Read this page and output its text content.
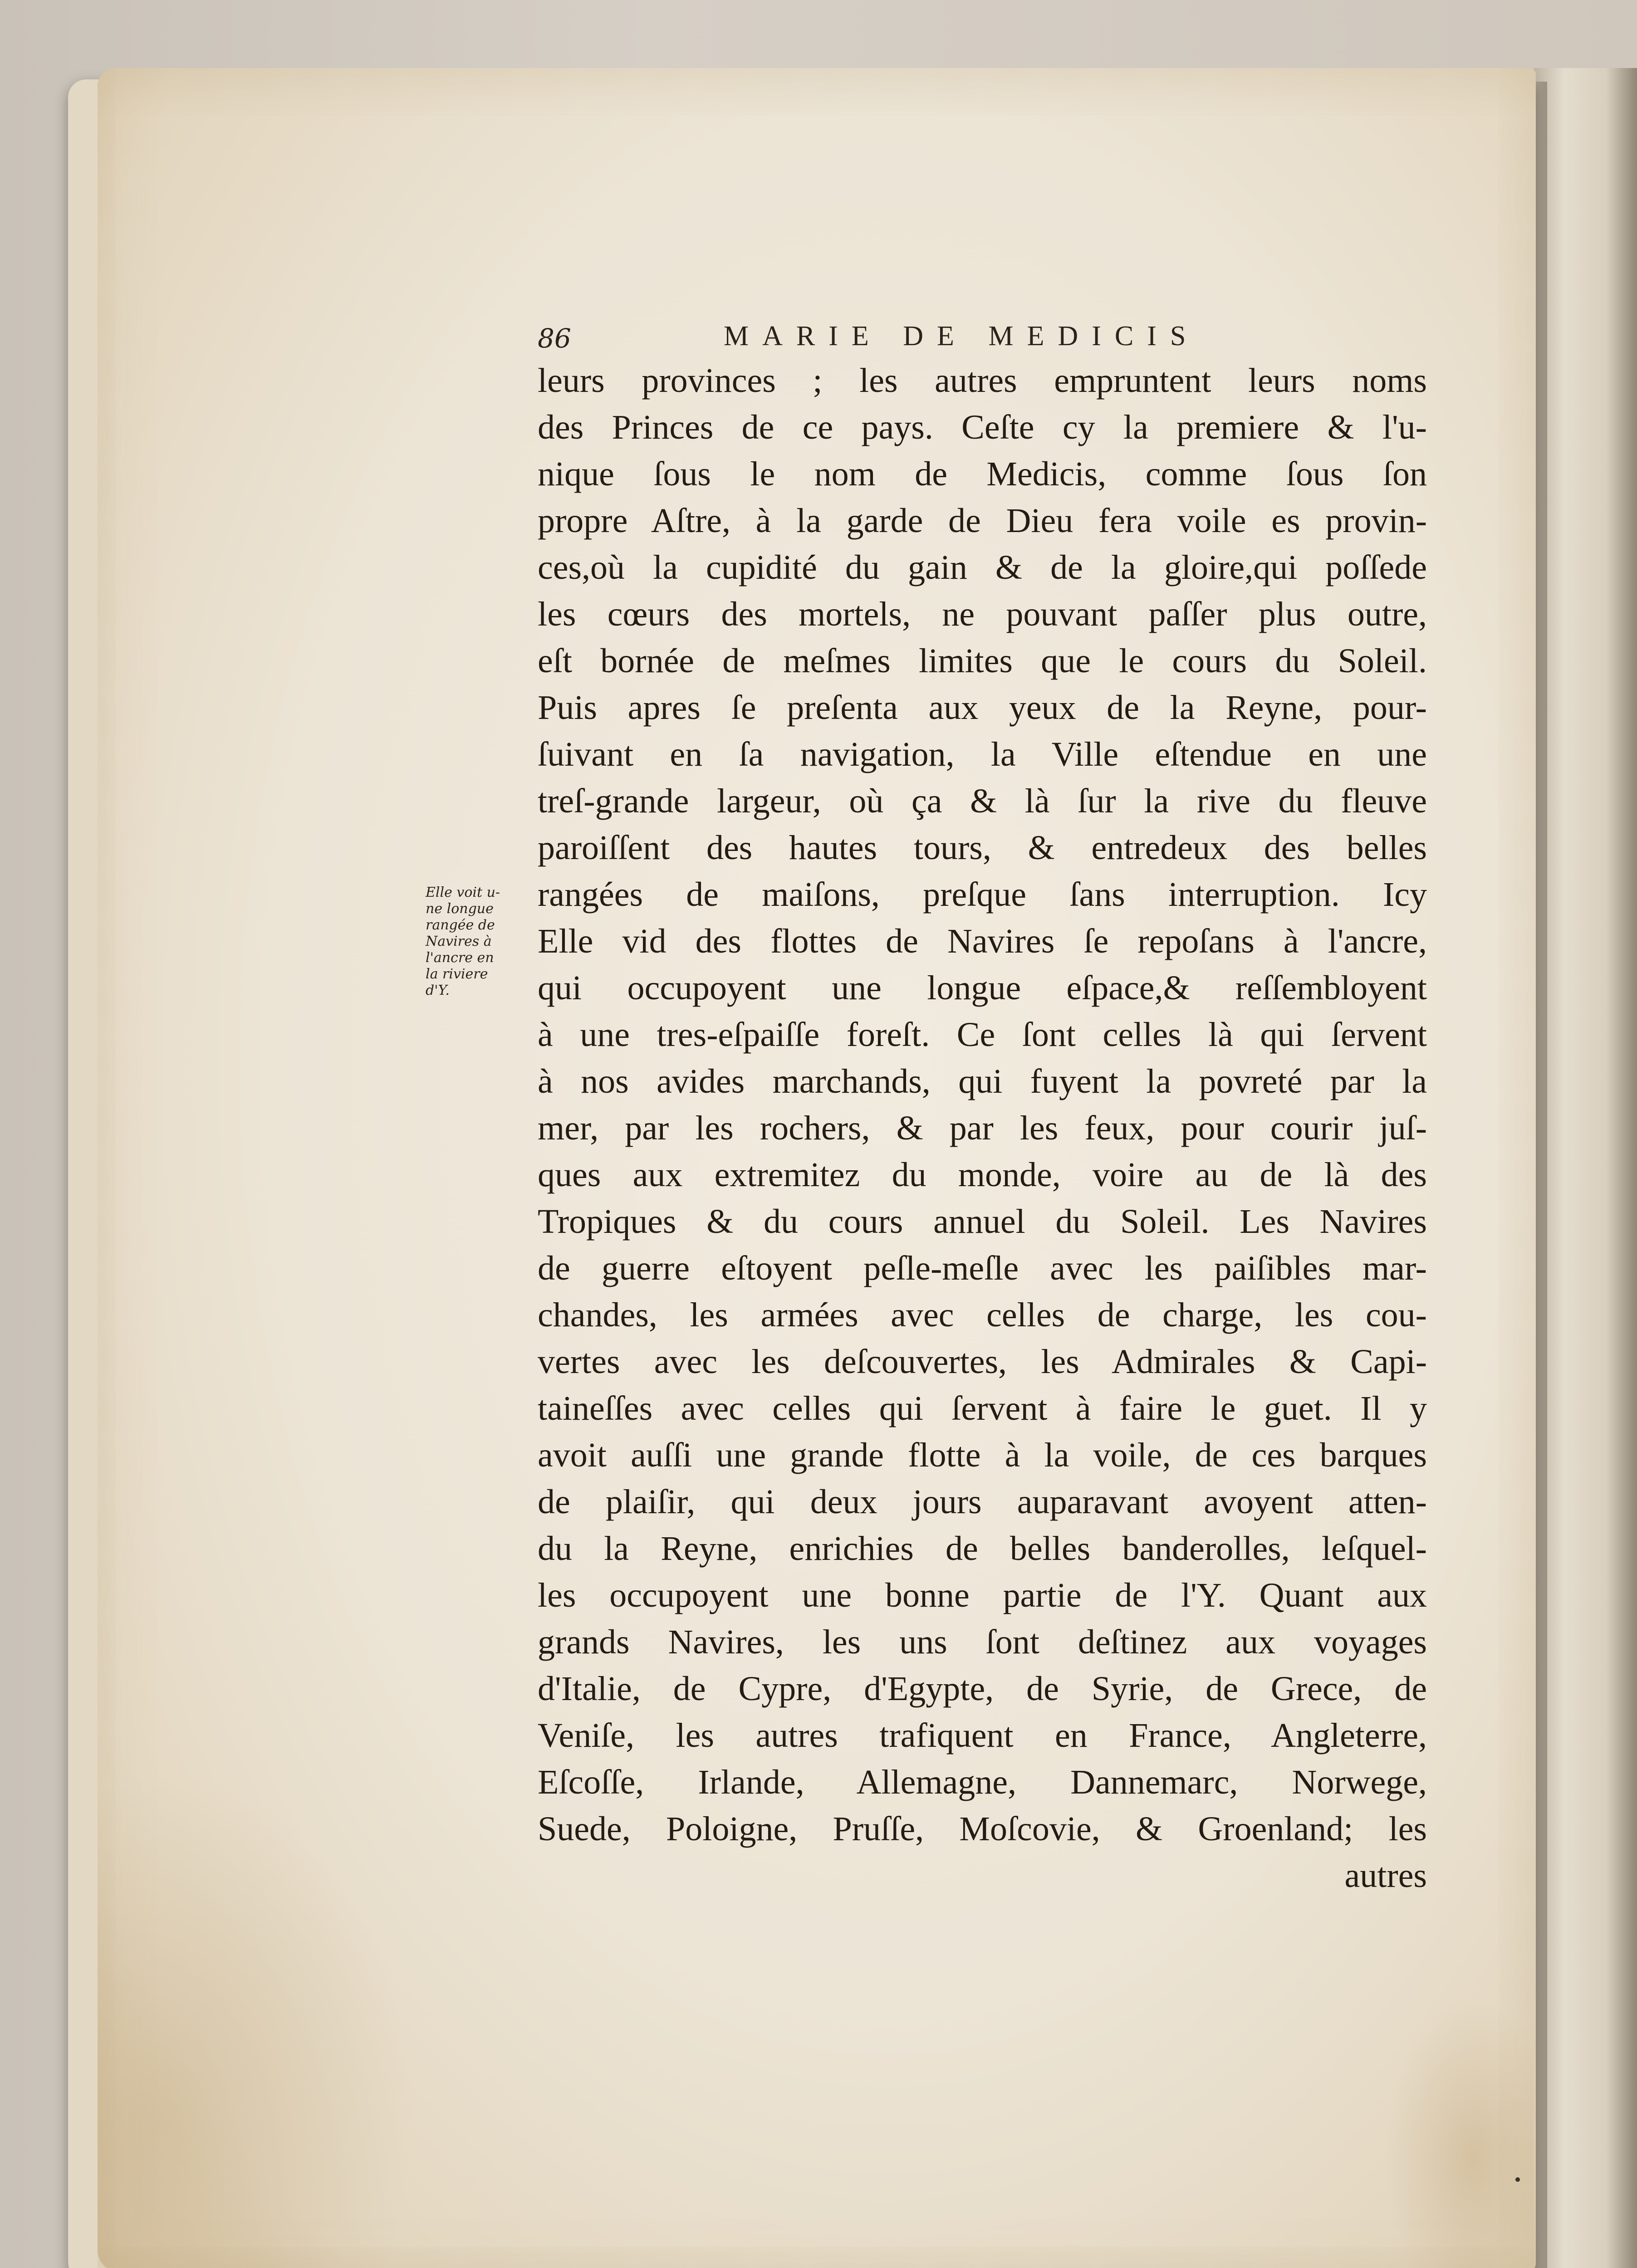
86	MARIE DE MEDICIS
Elle voit u-
ne longue
rangée de
Navires à
l'ancre en
la riviere
d'Y.
leurs provinces ; les autres empruntent leurs noms
des Princes de ce pays. Ceſte cy la premiere & l'u-
nique ſous le nom de Medicis, comme ſous ſon
propre Aſtre, à la garde de Dieu fera voile es provin-
ces,où la cupidité du gain & de la gloire,qui poſſede
les cœurs des mortels, ne pouvant paſſer plus outre,
eſt bornée de meſmes limites que le cours du Soleil.
Puis apres ſe preſenta aux yeux de la Reyne, pour-
ſuivant en ſa navigation, la Ville eſtendue en une
treſ-grande largeur, où ça & là ſur la rive du fleuve
paroiſſent des hautes tours, & entredeux des belles
rangées de maiſons, preſque ſans interruption. Icy
Elle vid des flottes de Navires ſe repoſans à l'ancre,
qui occupoyent une longue eſpace,& reſſembloyent
à une tres-eſpaiſſe foreſt. Ce ſont celles là qui ſervent
à nos avides marchands, qui fuyent la povreté par la
mer, par les rochers, & par les feux, pour courir juſ-
ques aux extremitez du monde, voire au de là des
Tropiques & du cours annuel du Soleil. Les Navires
de guerre eſtoyent peſle-meſle avec les paiſibles mar-
chandes, les armées avec celles de charge, les cou-
vertes avec les deſcouvertes, les Admirales & Capi-
taineſſes avec celles qui ſervent à faire le guet. Il y
avoit auſſi une grande flotte à la voile, de ces barques
de plaiſir, qui deux jours auparavant avoyent atten-
du la Reyne, enrichies de belles banderolles, leſquel-
les occupoyent une bonne partie de l'Y. Quant aux
grands Navires, les uns ſont deſtinez aux voyages
d'Italie, de Cypre, d'Egypte, de Syrie, de Grece, de
Veniſe, les autres trafiquent en France, Angleterre,
Eſcoſſe, Irlande, Allemagne, Dannemarc, Norwege,
Suede, Poloigne, Pruſſe, Moſcovie, & Groenland; les
autres
